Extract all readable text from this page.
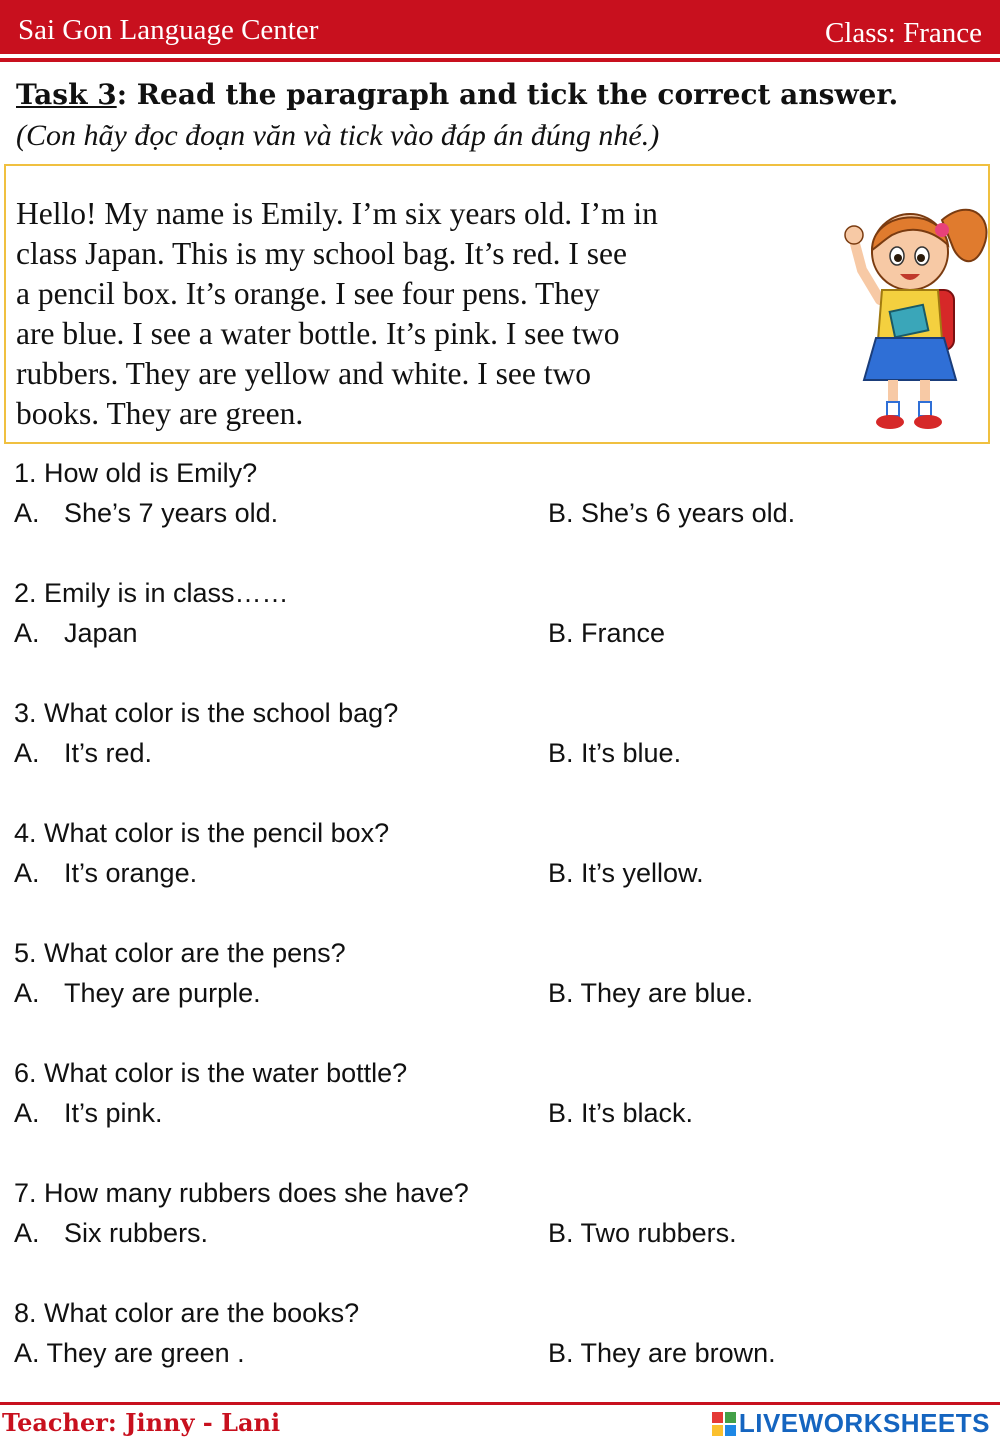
Sai Gon Language Center	Class: France
Task 3: Read the paragraph and tick the correct answer.
(Con hãy đọc đoạn văn và tick vào đáp án đúng nhé.)
Hello! My name is Emily. I’m six years old. I’m in
class Japan. This is my school bag. It’s red. I see
a pencil box. It’s orange. I see four pens. They
are blue. I see a water bottle. It’s pink. I see two
rubbers. They are yellow and white. I see two
books. They are green.
1. How old is Emily?
A. She’s 7 years old.	B. She’s 6 years old.
2. Emily is in class……
A. Japan	B. France
3. What color is the school bag?
A. It’s red.	B. It’s blue.
4. What color is the pencil box?
A. It’s orange.	B. It’s yellow.
5. What color are the pens?
A. They are purple.	B. They are blue.
6. What color is the water bottle?
A. It’s pink.	B. It’s black.
7. How many rubbers does she have?
A. Six rubbers.	B. Two rubbers.
8. What color are the books?
A. They are green .	B. They are brown.
Teacher: Jinny - Lani	LIVEWORKSHEETS
